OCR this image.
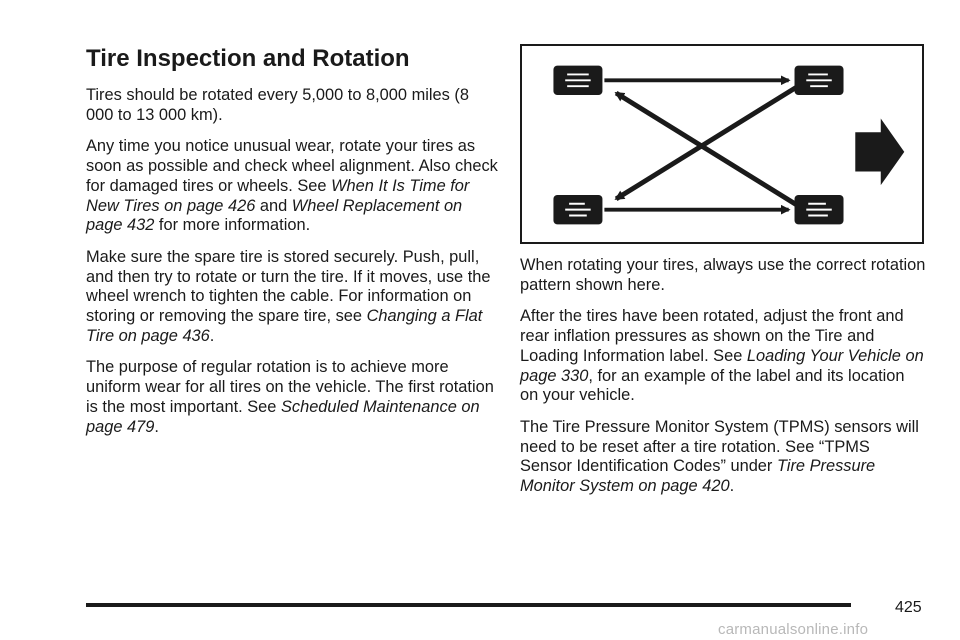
Tire Inspection and Rotation

Tires should be rotated every 5,000 to 8,000 miles (8 000 to 13 000 km).

Any time you notice unusual wear, rotate your tires as soon as possible and check wheel alignment. Also check for damaged tires or wheels. See When It Is Time for New Tires on page 426 and Wheel Replacement on page 432 for more information.

Make sure the spare tire is stored securely. Push, pull, and then try to rotate or turn the tire. If it moves, use the wheel wrench to tighten the cable. For information on storing or removing the spare tire, see Changing a Flat Tire on page 436.

The purpose of regular rotation is to achieve more uniform wear for all tires on the vehicle. The first rotation is the most important. See Scheduled Maintenance on page 479.

When rotating your tires, always use the correct rotation pattern shown here.

After the tires have been rotated, adjust the front and rear inflation pressures as shown on the Tire and Loading Information label. See Loading Your Vehicle on page 330, for an example of the label and its location on your vehicle.

The Tire Pressure Monitor System (TPMS) sensors will need to be reset after a tire rotation. See “TPMS Sensor Identification Codes” under Tire Pressure Monitor System on page 420.

425
carmanualsonline.info
